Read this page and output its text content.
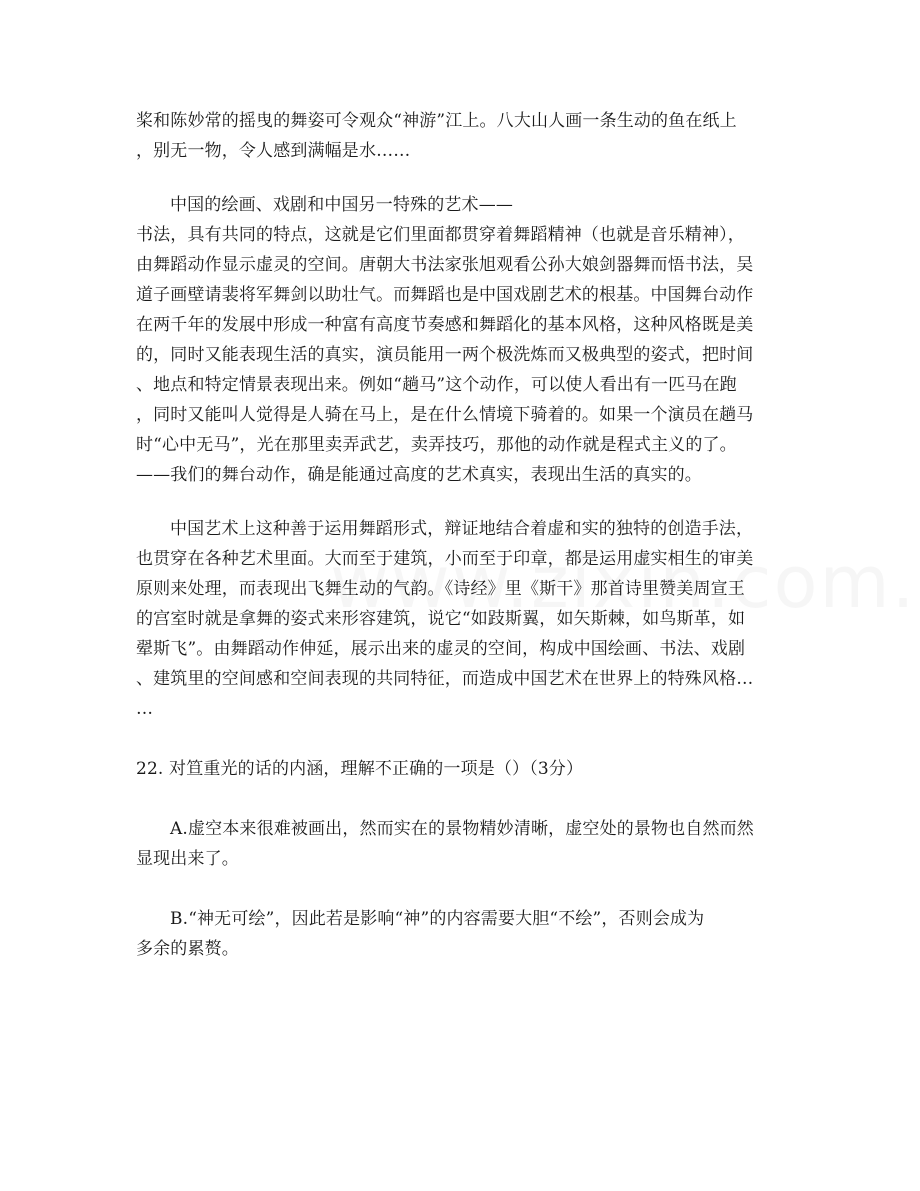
桨和陈妙常的摇曳的舞姿可令观众“神游”江上。八大山人画一条生动的鱼在纸上
，别无一物，令人感到满幅是水……
中国的绘画、戏剧和中国另一特殊的艺术——
书法，具有共同的特点，这就是它们里面都贯穿着舞蹈精神（也就是音乐精神），
由舞蹈动作显示虚灵的空间。唐朝大书法家张旭观看公孙大娘剑器舞而悟书法，吴
道子画壁请裴将军舞剑以助壮气。而舞蹈也是中国戏剧艺术的根基。中国舞台动作
在两千年的发展中形成一种富有高度节奏感和舞蹈化的基本风格，这种风格既是美
的，同时又能表现生活的真实，演员能用一两个极洗炼而又极典型的姿式，把时间
、地点和特定情景表现出来。例如“趟马”这个动作，可以使人看出有一匹马在跑
，同时又能叫人觉得是人骑在马上，是在什么情境下骑着的。如果一个演员在趟马
时“心中无马”，光在那里卖弄武艺，卖弄技巧，那他的动作就是程式主义的了。
——我们的舞台动作，确是能通过高度的艺术真实，表现出生活的真实的。
中国艺术上这种善于运用舞蹈形式，辩证地结合着虚和实的独特的创造手法，
也贯穿在各种艺术里面。大而至于建筑，小而至于印章，都是运用虚实相生的审美
原则来处理，而表现出飞舞生动的气韵。《诗经》里《斯干》那首诗里赞美周宣王
的宫室时就是拿舞的姿式来形容建筑，说它“如跂斯翼，如矢斯棘，如鸟斯革，如
翚斯飞”。由舞蹈动作伸延，展示出来的虚灵的空间，构成中国绘画、书法、戏剧
、建筑里的空间感和空间表现的共同特征，而造成中国艺术在世界上的特殊风格…
…
22. 对笪重光的话的内涵，理解不正确的一项是（）（3分）
A.虚空本来很难被画出，然而实在的景物精妙清晰，虚空处的景物也自然而然
显现出来了。
B.“神无可绘”，因此若是影响“神”的内容需要大胆“不绘”，否则会成为
多余的累赘。
